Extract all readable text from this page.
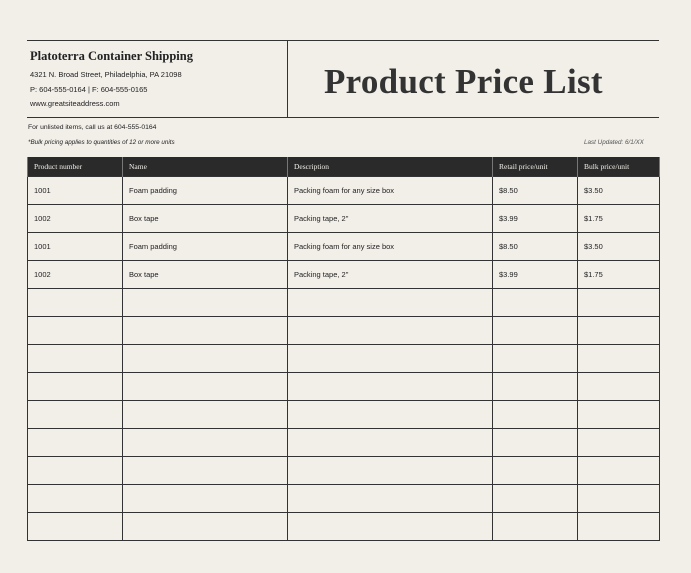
Platoterra Container Shipping
4321 N. Broad Street, Philadelphia, PA 21098
P: 604-555-0164 | F: 604-555-0165
www.greatsiteaddress.com
Product Price List
For unlisted items, call us at 604-555-0164
*Bulk pricing applies to quantities of 12 or more units	Last Updated: 6/1/XX
Product number	Name	Description	Retail price/unit	Bulk price/unit
1001	Foam padding	Packing foam for any size box	$8.50	$3.50
1002	Box tape	Packing tape, 2"	$3.99	$1.75
1001	Foam padding	Packing foam for any size box	$8.50	$3.50
1002	Box tape	Packing tape, 2"	$3.99	$1.75
